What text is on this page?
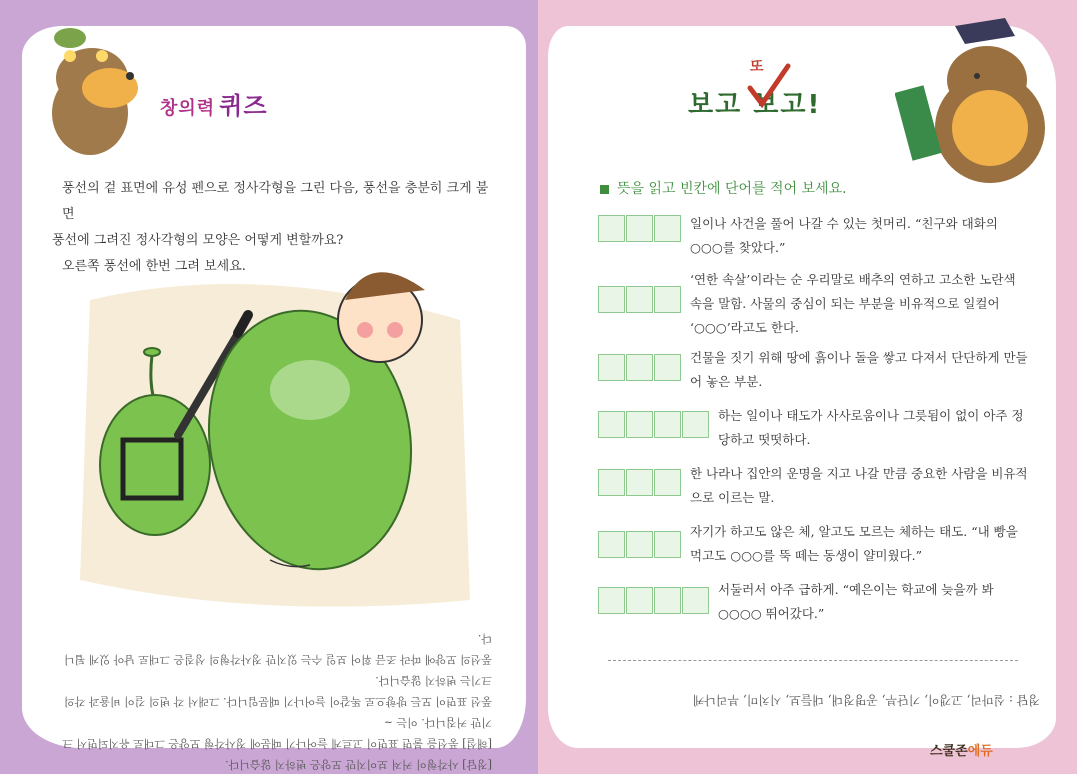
창의력 퀴즈

풍선의 겉 표면에 유성 펜으로 정사각형을 그린 다음, 풍선을 충분히 크게 불면

풍선에 그려진 정사각형의 모양은 어떻게 변할까요?

오른쪽 풍선에 한번 그려 보세요.

[정답] 사각형이 커져 보이지만 모양은 변하지 않습니다.

[해설] 풍선을 불면 표면이 고르게 늘어나기 때문에 정사각형 모양은 그대로 유지되면서 크기만 커집니다. 이는 ~

풍선 표면이 모든 방향으로 똑같이 늘어나기 때문입니다. 그래서 각 변의 길이 비율과 각의 크기는 변하지 않습니다.

풍선의 모양에 따라 조금 휘어 보일 수는 있지만 정사각형의 성질은 그대로 남아 있게 됩니다.

또
보고 보고!
뜻을 읽고 빈칸에 단어를 적어 보세요.
일이나 사건을 풀어 나갈 수 있는 첫머리. “친구와 대화의 ○○○를 찾았다.”
‘연한 속살’이라는 순 우리말로 배추의 연하고 고소한 노란색 속을 말함. 사물의 중심이 되는 부분을 비유적으로 일컬어 ‘○○○’라고도 한다.
건물을 짓기 위해 땅에 흙이나 돌을 쌓고 다져서 단단하게 만들어 놓은 부분.
하는 일이나 태도가 사사로움이나 그릇됨이 없이 아주 정당하고 떳떳하다.
한 나라나 집안의 운명을 지고 나갈 만큼 중요한 사람을 비유적으로 이르는 말.
자기가 하고도 않은 체, 알고도 모르는 체하는 태도. “내 빵을 먹고도 ○○○를 뚝 떼는 동생이 얄미웠다.”
서둘러서 아주 급하게. “예은이는 학교에 늦을까 봐 ○○○○ 뛰어갔다.”
정답 : 실마리, 고갱이, 기단부, 공명정대, 대들보, 시치미, 부리나케
스쿨존에듀
